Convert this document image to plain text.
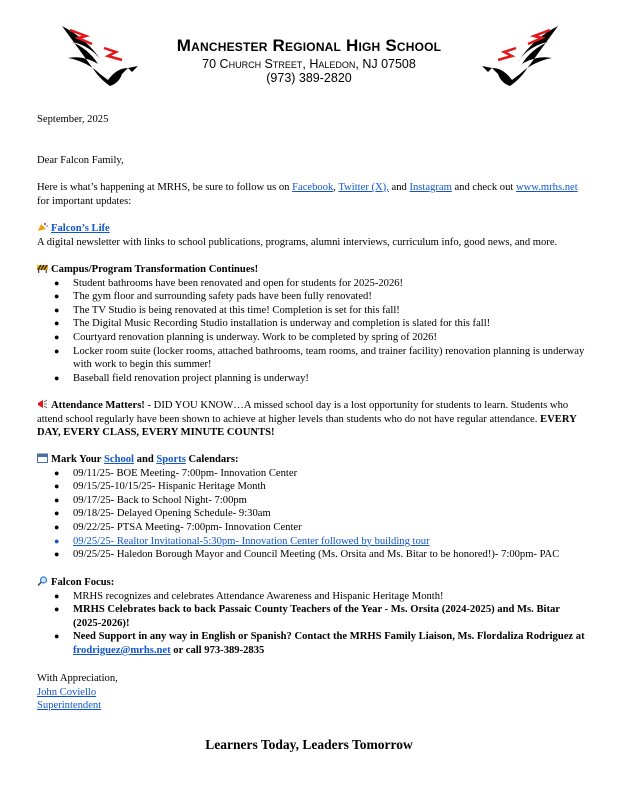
Manchester Regional High School
70 Church Street, Haledon, NJ 07508
(973) 389-2820
September, 2025
Dear Falcon Family,
Here is what’s happening at MRHS, be sure to follow us on Facebook, Twitter (X), and Instagram and check out www.mrhs.net for important updates:
Falcon’s Life
A digital newsletter with links to school publications, programs, alumni interviews, curriculum info, good news, and more.
Campus/Program Transformation Continues!
● Student bathrooms have been renovated and open for students for 2025-2026!
● The gym floor and surrounding safety pads have been fully renovated!
● The TV Studio is being renovated at this time! Completion is set for this fall!
● The Digital Music Recording Studio installation is underway and completion is slated for this fall!
● Courtyard renovation planning is underway. Work to be completed by spring of 2026!
● Locker room suite (locker rooms, attached bathrooms, team rooms, and trainer facility) renovation planning is underway with work to begin this summer!
● Baseball field renovation project planning is underway!
Attendance Matters! - DID YOU KNOW…A missed school day is a lost opportunity for students to learn. Students who attend school regularly have been shown to achieve at higher levels than students who do not have regular attendance. EVERY DAY, EVERY CLASS, EVERY MINUTE COUNTS!
Mark Your School and Sports Calendars:
● 09/11/25- BOE Meeting- 7:00pm- Innovation Center
● 09/15/25-10/15/25- Hispanic Heritage Month
● 09/17/25- Back to School Night- 7:00pm
● 09/18/25- Delayed Opening Schedule- 9:30am
● 09/22/25- PTSA Meeting- 7:00pm- Innovation Center
● 09/25/25- Realtor Invitational-5:30pm- Innovation Center followed by building tour
● 09/25/25- Haledon Borough Mayor and Council Meeting (Ms. Orsita and Ms. Bitar to be honored!)- 7:00pm- PAC
Falcon Focus:
● MRHS recognizes and celebrates Attendance Awareness and Hispanic Heritage Month!
● MRHS Celebrates back to back Passaic County Teachers of the Year - Ms. Orsita (2024-2025) and Ms. Bitar (2025-2026)!
● Need Support in any way in English or Spanish? Contact the MRHS Family Liaison, Ms. Flordaliza Rodriguez at frodriguez@mrhs.net or call 973-389-2835
With Appreciation,
John Coviello
Superintendent
Learners Today, Leaders Tomorrow
